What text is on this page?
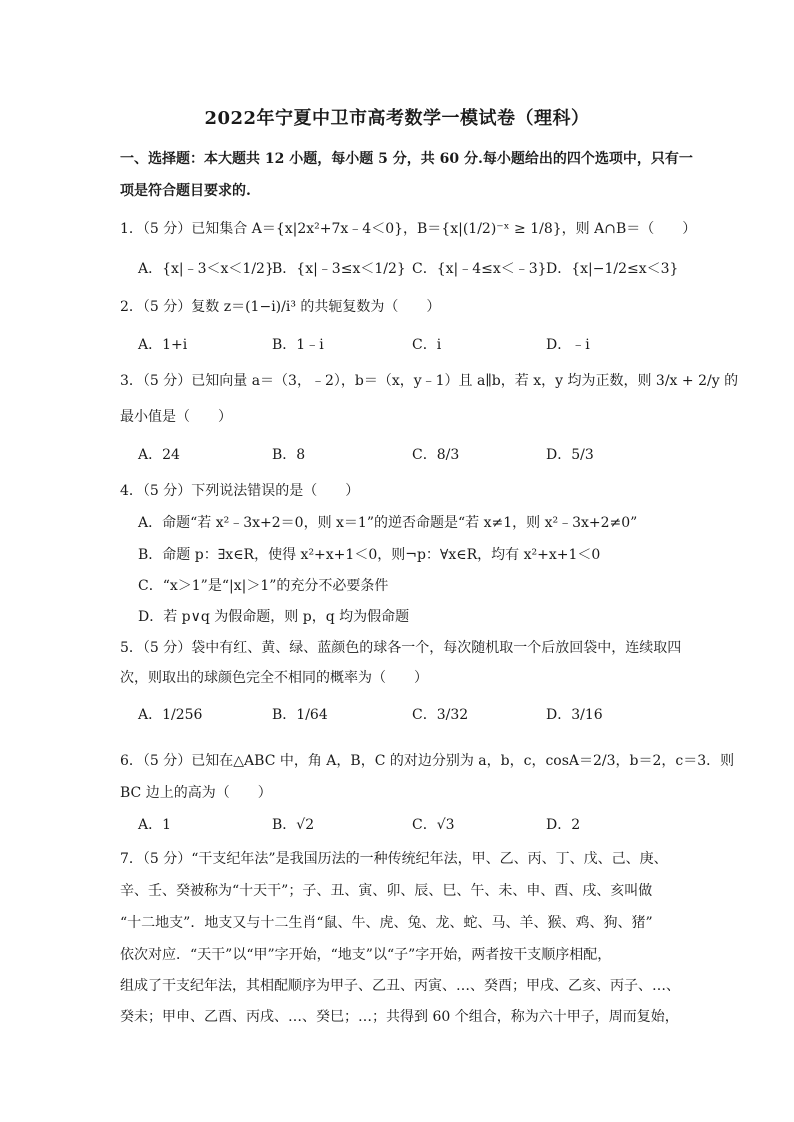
2022年宁夏中卫市高考数学一模试卷（理科）
一、选择题：本大题共 12 小题，每小题 5 分，共 60 分.每小题给出的四个选项中，只有一
项是符合题目要求的.
1．（5 分）已知集合 A＝{x|2x²+7x﹣4＜0}，B＝{x|(1/2)⁻ˣ ≥ 1/8}，则 A∩B＝（　　）
A．{x|﹣3＜x＜1/2}
B．{x|﹣3≤x＜1/2} C．{x|﹣4≤x＜﹣3} D．{x|−1/2≤x＜3}
2．（5 分）复数 z＝(1−i)/i³ 的共轭复数为（　　）
A．1+i	B．1﹣i	C．i	D．﹣i
3．（5 分）已知向量 a＝（3，﹣2），b＝（x，y﹣1）且 a∥b，若 x，y 均为正数，则 3/x + 2/y 的
最小值是（　　）
A．24	B．8	C．8/3	D．5/3
4．（5 分）下列说法错误的是（　　）
A．命题“若 x²﹣3x+2＝0，则 x＝1”的逆否命题是“若 x≠1，则 x²﹣3x+2≠0”
B．命题 p：∃x∈R，使得 x²+x+1＜0，则¬p：∀x∈R，均有 x²+x+1＜0
C．“x＞1”是“|x|＞1”的充分不必要条件
D．若 p∨q 为假命题，则 p，q 均为假命题
5．（5 分）袋中有红、黄、绿、蓝颜色的球各一个，每次随机取一个后放回袋中，连续取四
次，则取出的球颜色完全不相同的概率为（　　）
A．1/256	B．1/64	C．3/32	D．3/16
6．（5 分）已知在△ABC 中，角 A，B，C 的对边分别为 a，b，c，cosA＝2/3，b＝2，c＝3．则
BC 边上的高为（　　）
A．1	B．√2	C．√3	D．2
7．（5 分）“干支纪年法”是我国历法的一种传统纪年法，甲、乙、丙、丁、戊、己、庚、
辛、壬、癸被称为“十天干”；子、丑、寅、卯、辰、巳、午、未、申、酉、戌、亥叫做
“十二地支”．地支又与十二生肖“鼠、牛、虎、兔、龙、蛇、马、羊、猴、鸡、狗、猪”
依次对应．“天干”以“甲”字开始，“地支”以“子”字开始，两者按干支顺序相配，
组成了干支纪年法，其相配顺序为甲子、乙丑、丙寅、…、癸酉；甲戌、乙亥、丙子、…、
癸未；甲申、乙酉、丙戌、…、癸巳；…；共得到 60 个组合，称为六十甲子，周而复始，
